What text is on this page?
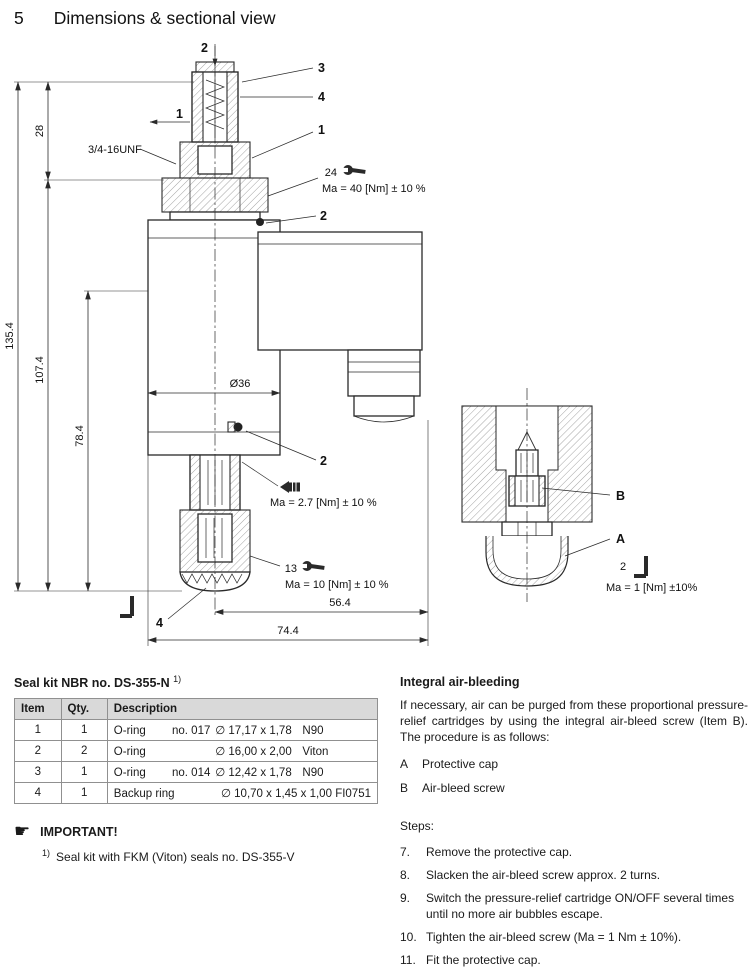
5 Dimensions & sectional view
135.4
28
107.4
78.4
Ø36
56.4
74.4
2
3
4
1
1
3/4-16UNF
24
Ma = 40 [Nm] ± 10 %
2
2
Ma = 2.7 [Nm] ± 10 %
13
Ma = 10 [Nm] ± 10 %
4
B
A
2
Ma = 1 [Nm] ±10%
Seal kit NBR no. DS-355-N $^{1)}$
Item	Qty.	Description
1	1	O-ring no. 017 ∅ 17,17 x 1,78 N90
2	2	O-ring ∅ 16,00 x 2,00 Viton
3	1	O-ring no. 014 ∅ 12,42 x 1,78 N90
4	1	Backup ring ∅ 10,70 x 1,45 x 1,00 FI0751
☛
IMPORTANT!
$^{1)}$ Seal kit with FKM (Viton) seals no. DS-355-V
Integral air-bleeding
If necessary, air can be purged from these proportional pressure-relief cartridges by using the integral air-bleed screw (Item B). The procedure is as follows:
A	Protective cap
B	Air-bleed screw
Steps:
7.	Remove the protective cap.
8.	Slacken the air-bleed screw approx. 2 turns.
9.	Switch the pressure-relief cartridge ON/OFF several times until no more air bubbles escape.
10. Tighten the air-bleed screw (Ma = 1 Nm ± 10%).
11. Fit the protective cap.
